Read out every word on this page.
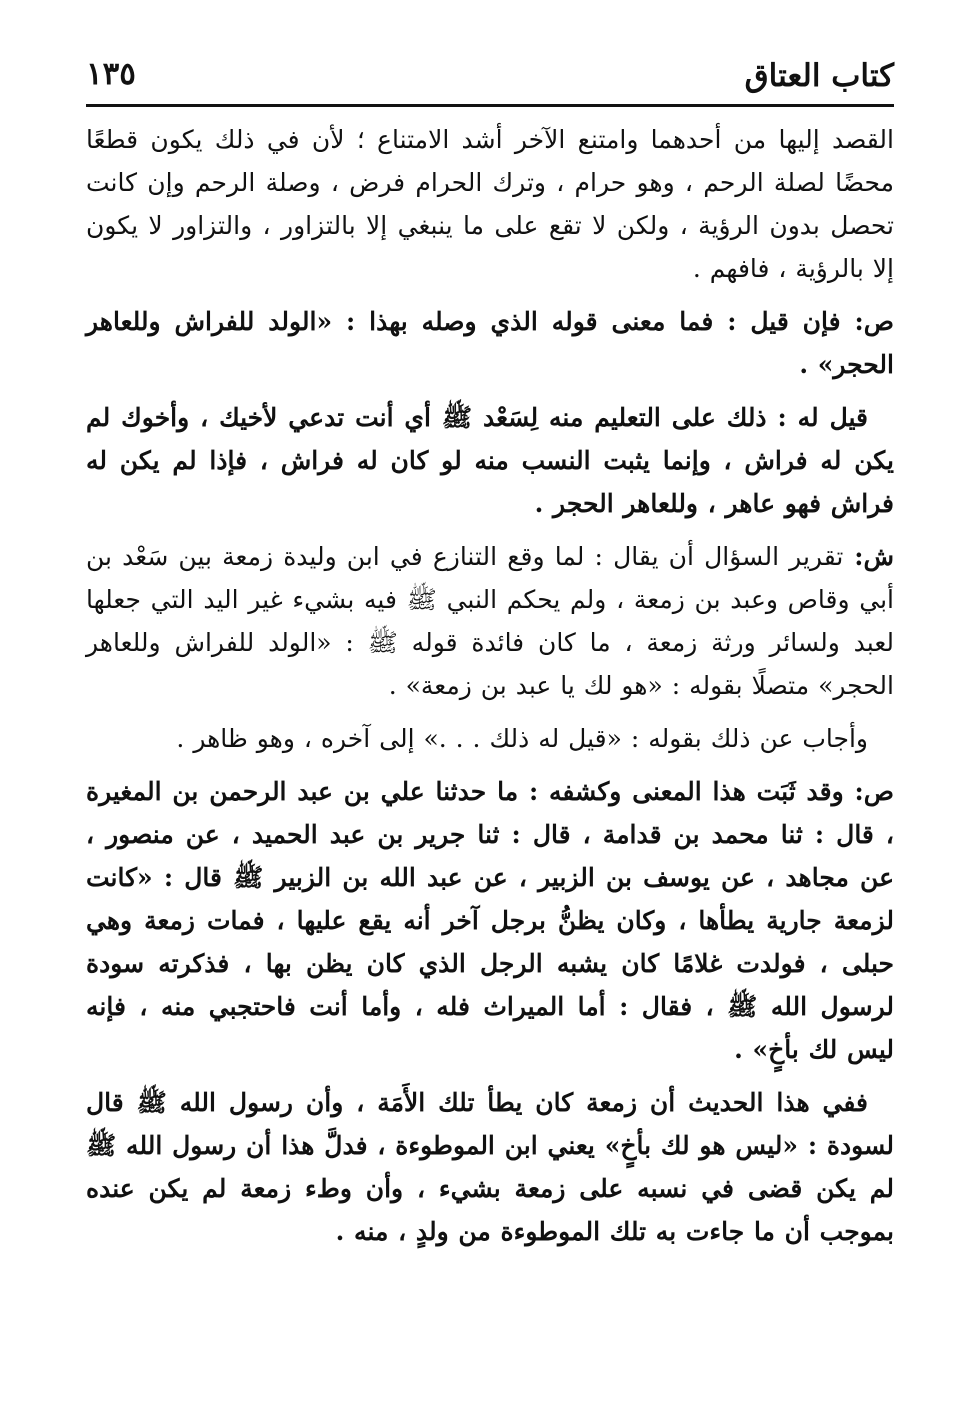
كتاب العتاق
١٣٥

القصد إليها من أحدهما وامتنع الآخر أشد الامتناع ؛ لأن في ذلك يكون قطعًا محضًا لصلة الرحم ، وهو حرام ، وترك الحرام فرض ، وصلة الرحم وإن كانت تحصل بدون الرؤية ، ولكن لا تقع على ما ينبغي إلا بالتزاور ، والتزاور لا يكون إلا بالرؤية ، فافهم .

ص: فإن قيل : فما معنى قوله الذي وصله بهذا : «الولد للفراش وللعاهر الحجر» .

قيل له : ذلك على التعليم منه لِسَعْد ﷺ أي أنت تدعي لأخيك ، وأخوك لم يكن له فراش ، وإنما يثبت النسب منه لو كان له فراش ، فإذا لم يكن له فراش فهو عاهر ، وللعاهر الحجر .

ش: تقرير السؤال أن يقال : لما وقع التنازع في ابن وليدة زمعة بين سَعْد بن أبي وقاص وعبد بن زمعة ، ولم يحكم النبي ﷺ فيه بشيء غير اليد التي جعلها لعبد ولسائر ورثة زمعة ، ما كان فائدة قوله ﷺ : «الولد للفراش وللعاهر الحجر» متصلًا بقوله : «هو لك يا عبد بن زمعة» .

وأجاب عن ذلك بقوله : «قيل له ذلك . . .» إلى آخره ، وهو ظاهر .

ص: وقد ثَبَت هذا المعنى وكشفه : ما حدثنا علي بن عبد الرحمن بن المغيرة ، قال : ثنا محمد بن قدامة ، قال : ثنا جرير بن عبد الحميد ، عن منصور ، عن مجاهد ، عن يوسف بن الزبير ، عن عبد الله بن الزبير ﷺ قال : «كانت لزمعة جارية يطأها ، وكان يظنُّ برجل آخر أنه يقع عليها ، فمات زمعة وهي حبلى ، فولدت غلامًا كان يشبه الرجل الذي كان يظن بها ، فذكرته سودة لرسول الله ﷺ ، فقال : أما الميراث فله ، وأما أنت فاحتجبي منه ، فإنه ليس لك بأخٍ» .

ففي هذا الحديث أن زمعة كان يطأ تلك الأَمَة ، وأن رسول الله ﷺ قال لسودة : «ليس هو لك بأخٍ» يعني ابن الموطوءة ، فدلَّ هذا أن رسول الله ﷺ لم يكن قضى في نسبه على زمعة بشيء ، وأن وطء زمعة لم يكن عنده بموجب أن ما جاءت به تلك الموطوءة من ولدٍ ، منه .
